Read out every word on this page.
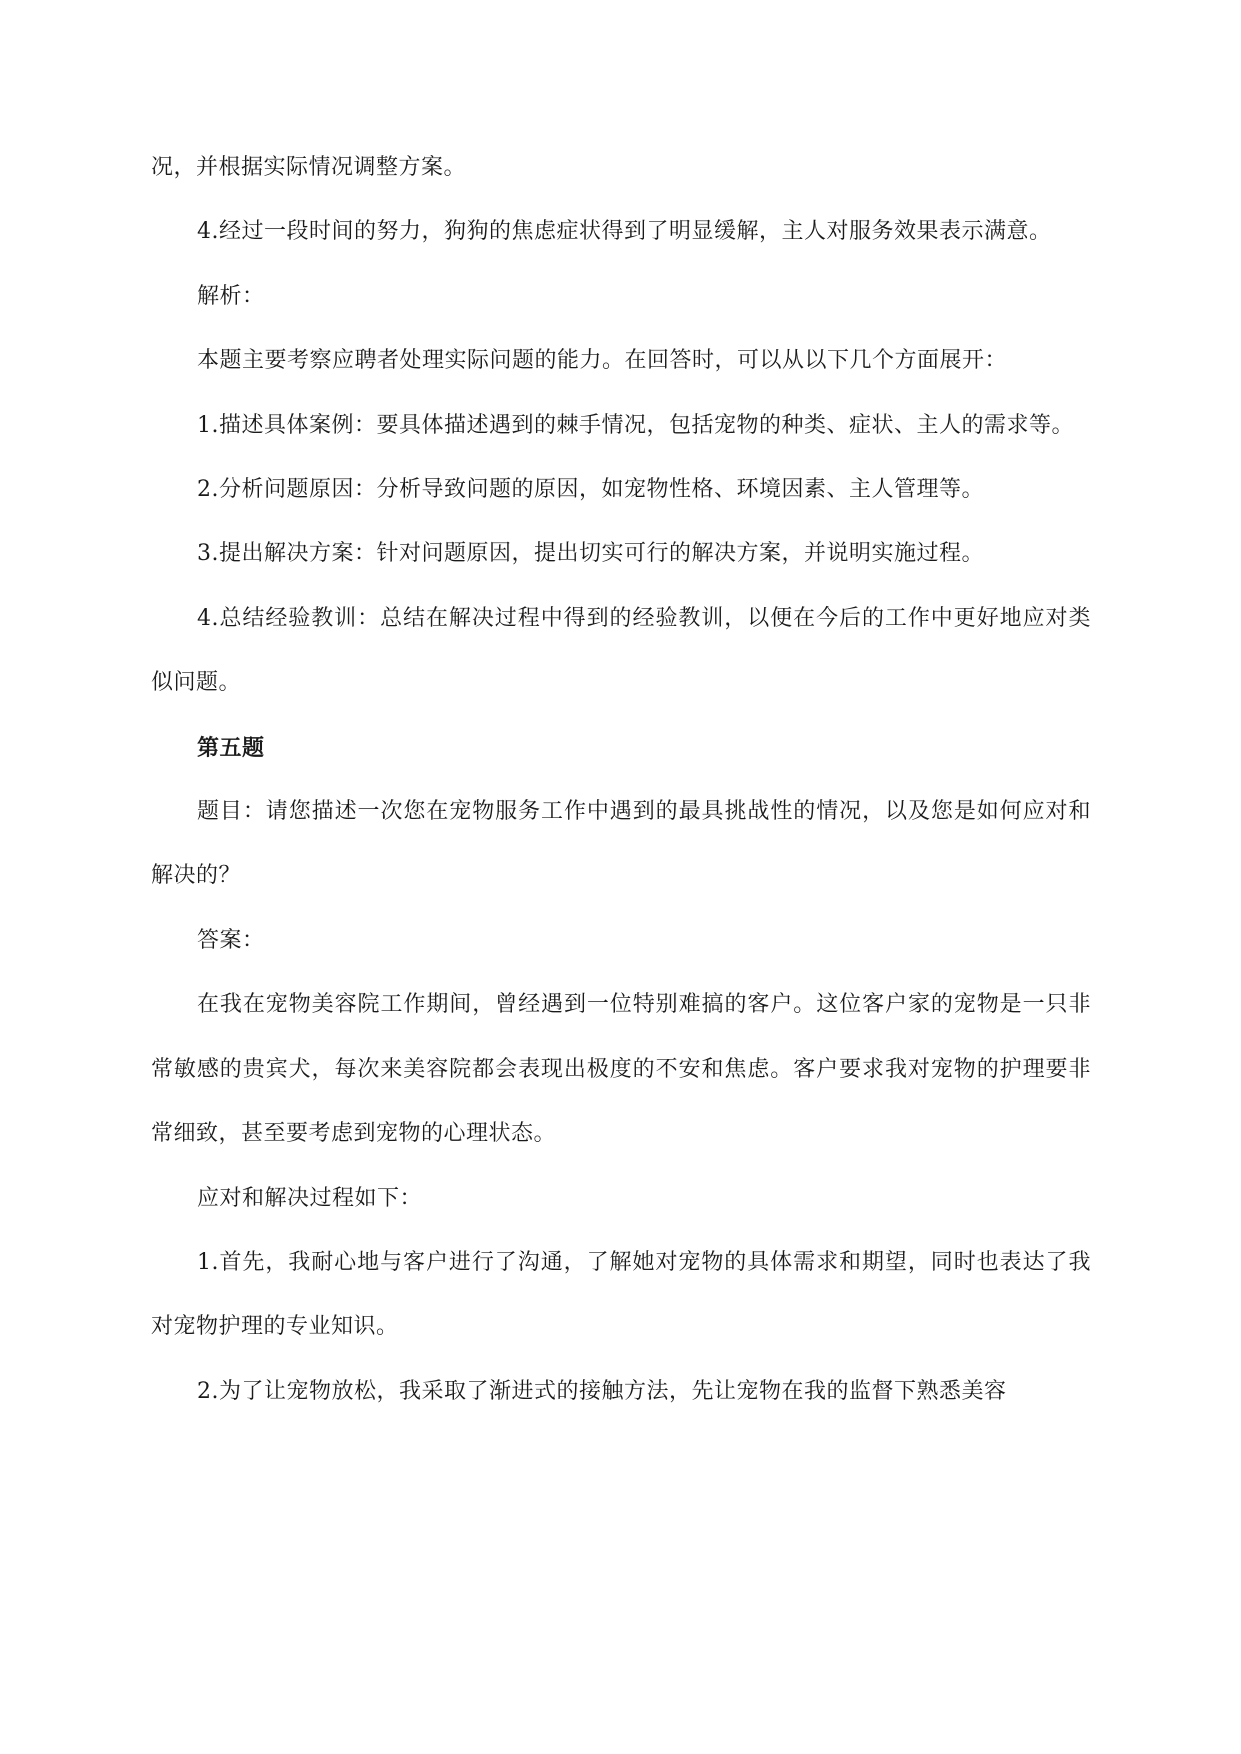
况，并根据实际情况调整方案。

4.经过一段时间的努力，狗狗的焦虑症状得到了明显缓解，主人对服务效果表示满意。

解析：

本题主要考察应聘者处理实际问题的能力。在回答时，可以从以下几个方面展开：

1.描述具体案例：要具体描述遇到的棘手情况，包括宠物的种类、症状、主人的需求等。

2.分析问题原因：分析导致问题的原因，如宠物性格、环境因素、主人管理等。

3.提出解决方案：针对问题原因，提出切实可行的解决方案，并说明实施过程。

4.总结经验教训：总结在解决过程中得到的经验教训，以便在今后的工作中更好地应对类似问题。

第五题

题目：请您描述一次您在宠物服务工作中遇到的最具挑战性的情况，以及您是如何应对和解决的？

答案：

在我在宠物美容院工作期间，曾经遇到一位特别难搞的客户。这位客户家的宠物是一只非常敏感的贵宾犬，每次来美容院都会表现出极度的不安和焦虑。客户要求我对宠物的护理要非常细致，甚至要考虑到宠物的心理状态。

应对和解决过程如下：

1.首先，我耐心地与客户进行了沟通，了解她对宠物的具体需求和期望，同时也表达了我对宠物护理的专业知识。

2.为了让宠物放松，我采取了渐进式的接触方法，先让宠物在我的监督下熟悉美容
